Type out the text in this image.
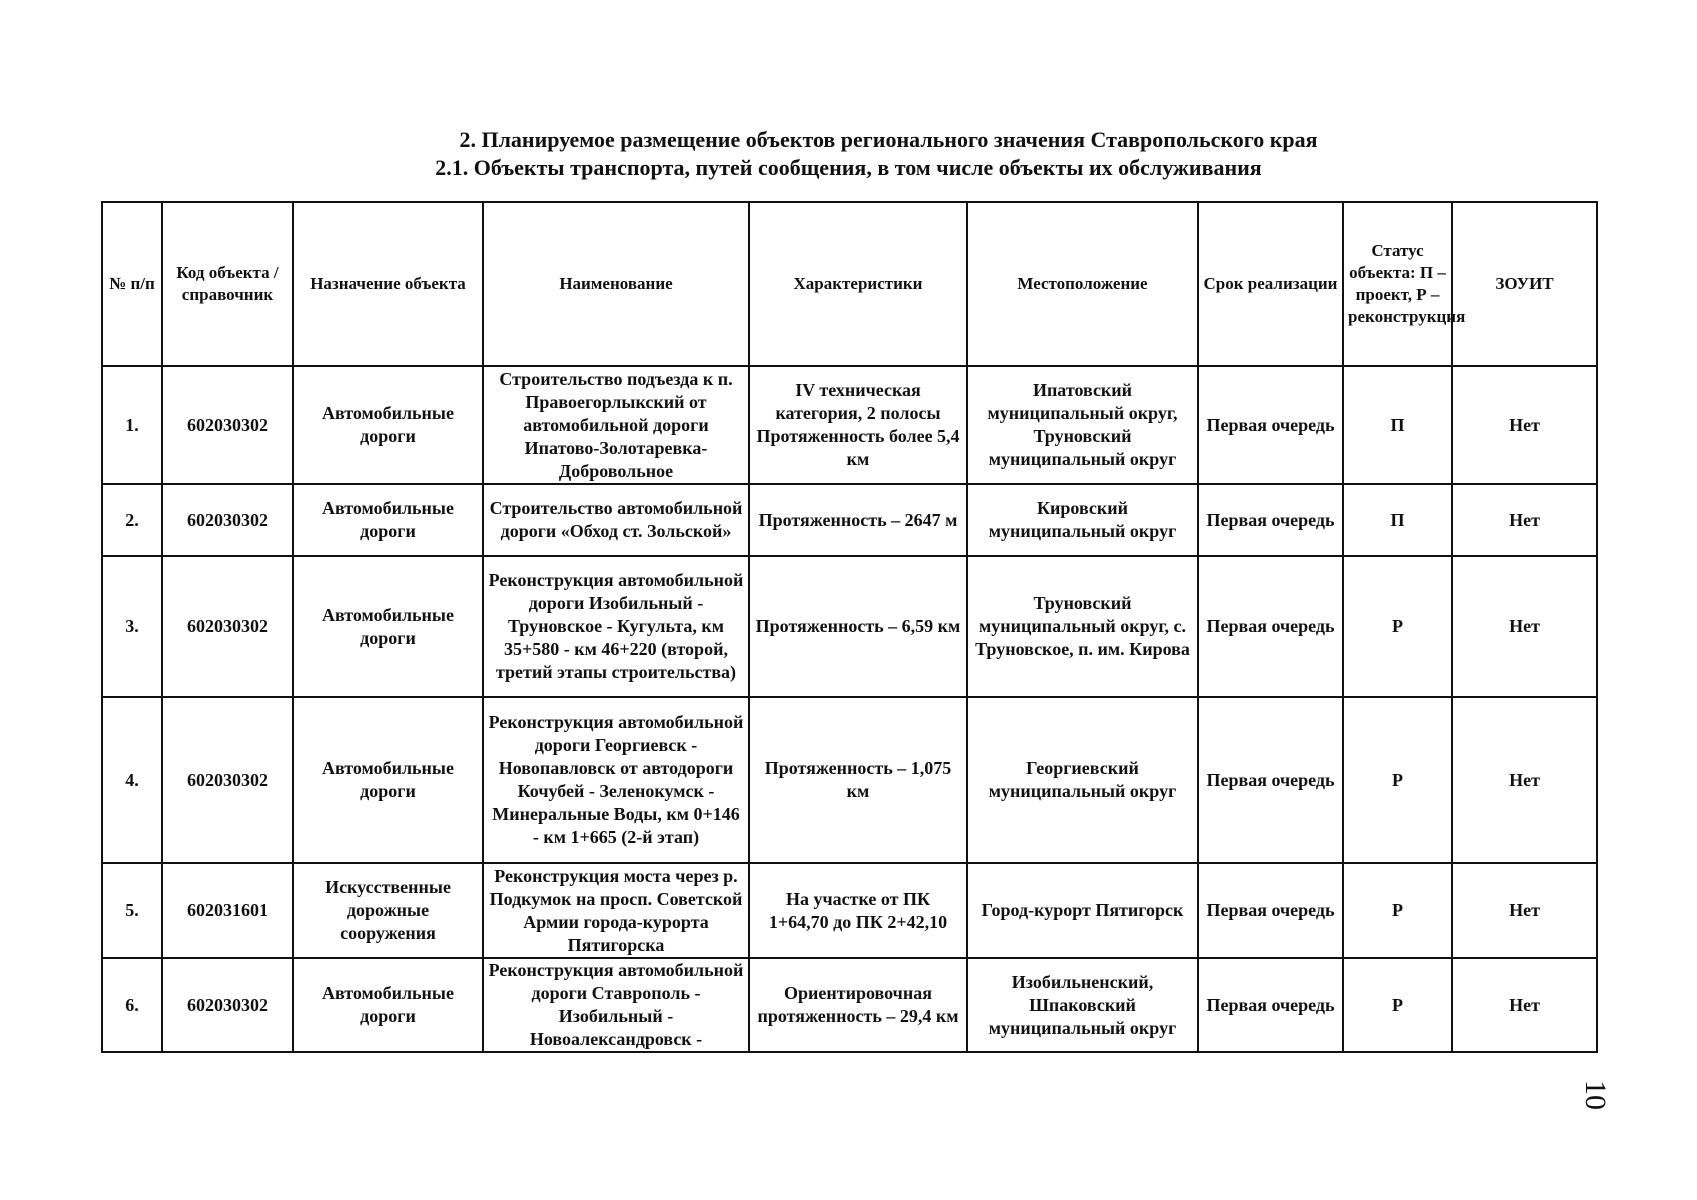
2. Планируемое размещение объектов регионального значения Ставропольского края
2.1. Объекты транспорта, путей сообщения, в том числе объекты их обслуживания
№ п/п	Код объекта / справочник	Назначение объекта	Наименование	Характеристики	Местоположение	Срок реализации	Статус объекта: П – проект, Р – реконструкция	ЗОУИТ
1.	602030302	Автомобильные дороги	Строительство подъезда к п. Правоегорлыкский от автомобильной дороги Ипатово-Золотаревка-Добровольное	IV техническая категория, 2 полосы Протяженность более 5,4 км	Ипатовский муниципальный округ, Труновский муниципальный округ	Первая очередь	П	Нет
2.	602030302	Автомобильные дороги	Строительство автомобильной дороги «Обход ст. Зольской»	Протяженность – 2647 м	Кировский муниципальный округ	Первая очередь	П	Нет
3.	602030302	Автомобильные дороги	Реконструкция автомобильной дороги Изобильный - Труновское - Кугульта, км 35+580 - км 46+220 (второй, третий этапы строительства)	Протяженность – 6,59 км	Труновский муниципальный округ, с. Труновское, п. им. Кирова	Первая очередь	Р	Нет
4.	602030302	Автомобильные дороги	Реконструкция автомобильной дороги Георгиевск - Новопавловск от автодороги Кочубей - Зеленокумск - Минеральные Воды, км 0+146 - км 1+665 (2-й этап)	Протяженность – 1,075 км	Георгиевский муниципальный округ	Первая очередь	Р	Нет
5.	602031601	Искусственные дорожные сооружения	Реконструкция моста через р. Подкумок на просп. Советской Армии города-курорта Пятигорска	На участке от ПК 1+64,70 до ПК 2+42,10	Город-курорт Пятигорск	Первая очередь	Р	Нет
6.	602030302	Автомобильные дороги	Реконструкция автомобильной дороги Ставрополь - Изобильный - Новоалександровск -	Ориентировочная протяженность – 29,4 км	Изобильненский, Шпаковский муниципальный округ	Первая очередь	Р	Нет
10
